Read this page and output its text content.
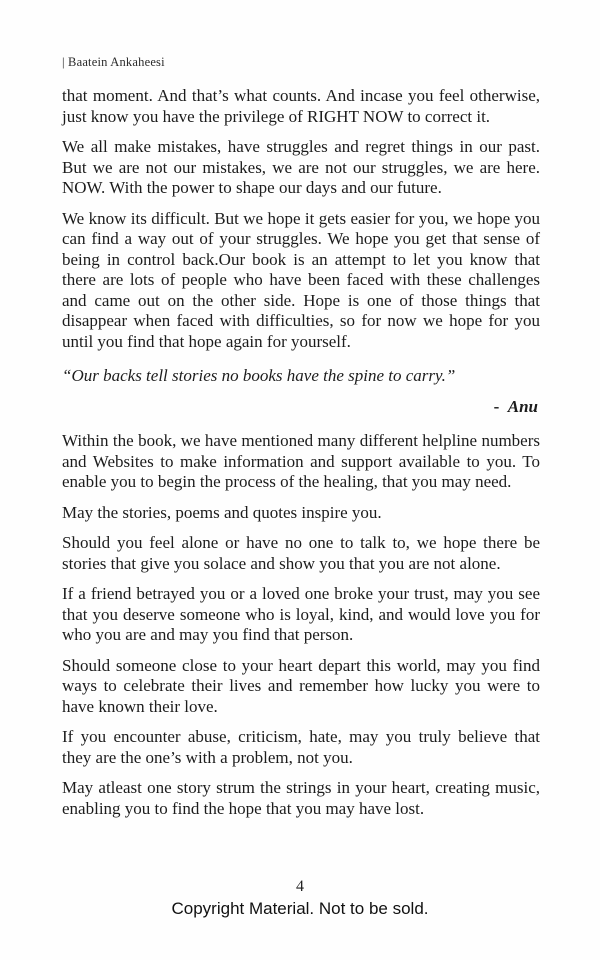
| Baatein Ankaheesi

that moment. And that’s what counts. And incase you feel otherwise, just know you have the privilege of RIGHT NOW to correct it.

We all make mistakes, have struggles and regret things in our past. But we are not our mistakes, we are not our struggles, we are here. NOW. With the power to shape our days and our future.

We know its difficult. But we hope it gets easier for you, we hope you can find a way out of your struggles. We hope you get that sense of being in control back.Our book is an attempt to let you know that there are lots of people who have been faced with these challenges and came out on the other side. Hope is one of those things that disappear when faced with difficulties, so for now we hope for you until you find that hope again for yourself.

“Our backs tell stories no books have the spine to carry.”
- Anu

Within the book, we have mentioned many different helpline numbers and Websites to make information and support available to you. To enable you to begin the process of the healing, that you may need.

May the stories, poems and quotes inspire you.

Should you feel alone or have no one to talk to, we hope there be stories that give you solace and show you that you are not alone.

If a friend betrayed you or a loved one broke your trust, may you see that you deserve someone who is loyal, kind, and would love you for who you are and may you find that person.

Should someone close to your heart depart this world, may you find ways to celebrate their lives and remember how lucky you were to have known their love.

If you encounter abuse, criticism, hate, may you truly believe that they are the one’s with a problem, not you.

May atleast one story strum the strings in your heart, creating music, enabling you to find the hope that you may have lost.

4
Copyright Material. Not to be sold.
